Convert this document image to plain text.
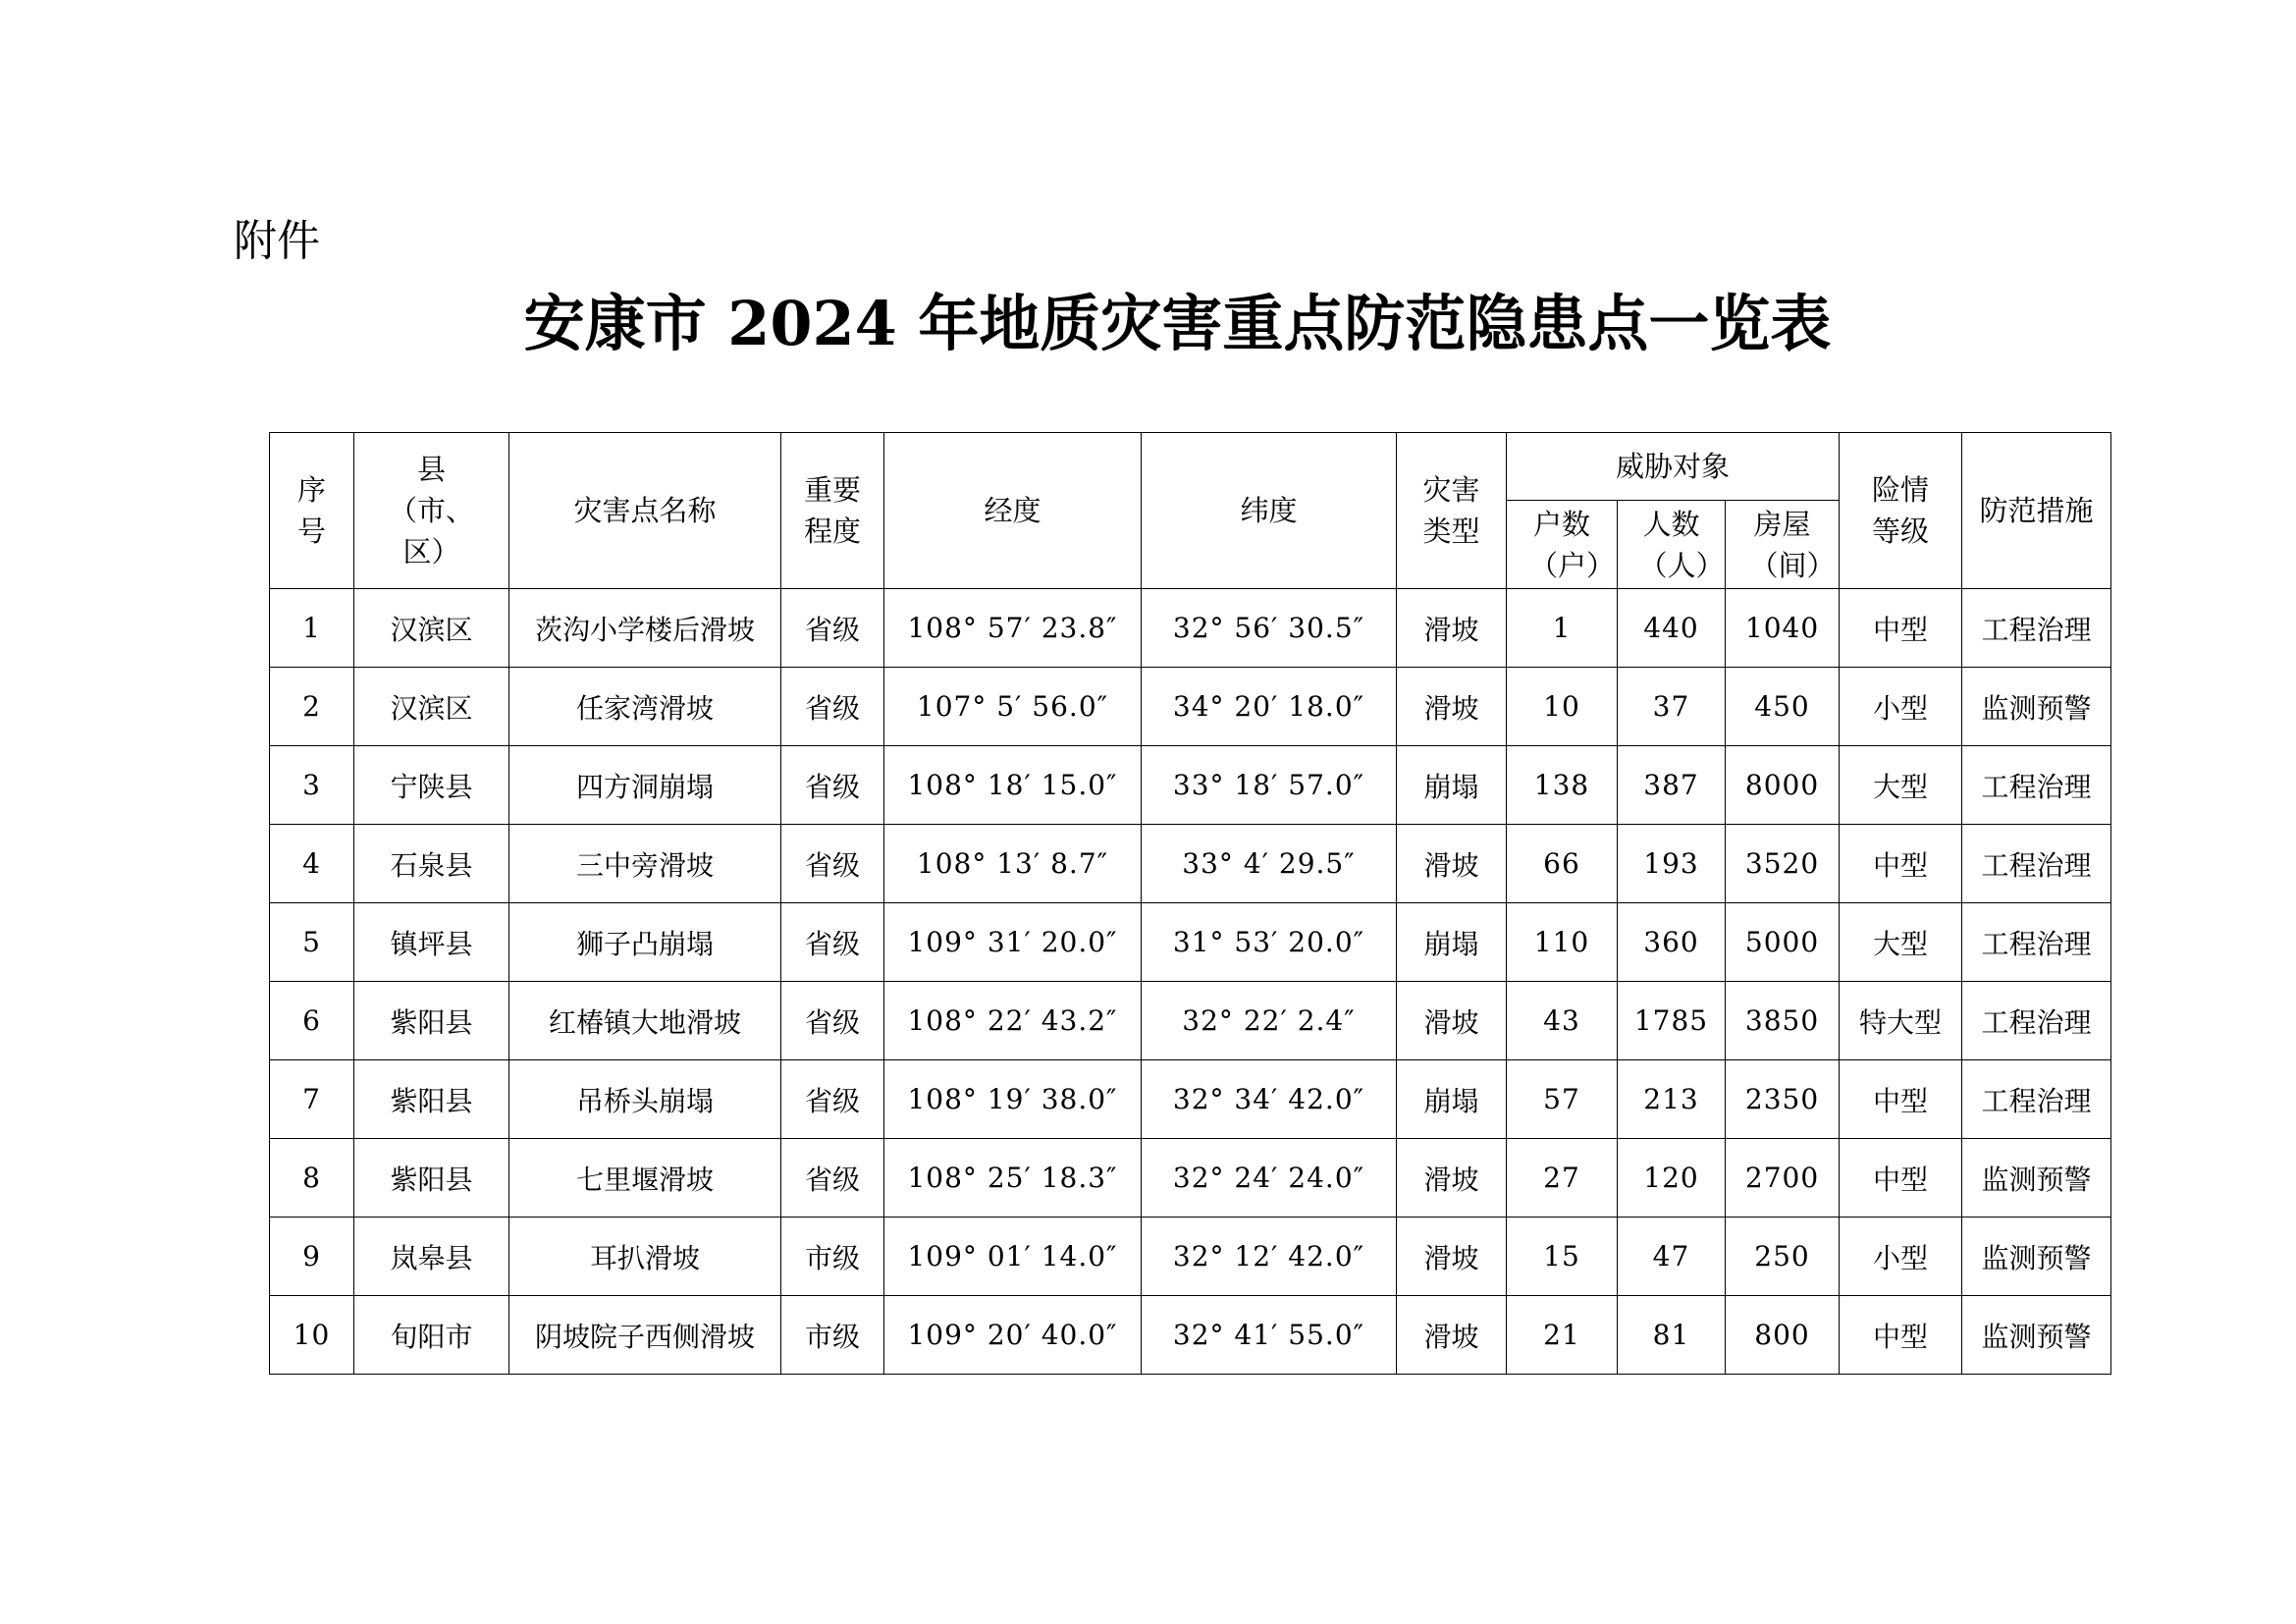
附件
安康市 2024 年地质灾害重点防范隐患点一览表
序号	县（市、区）	灾害点名称	重要程度	经度	纬度	灾害类型	威胁对象			险情等级	防范措施

							户数（户）	人数（人）	房屋（间）		

1	汉滨区	茨沟小学楼后滑坡	省级	108° 57′ 23.8″	32° 56′ 30.5″	滑坡	1	440	1040	中型	工程治理
2	汉滨区	任家湾滑坡	省级	107° 5′ 56.0″	34° 20′ 18.0″	滑坡	10	37	450	小型	监测预警
3	宁陕县	四方洞崩塌	省级	108° 18′ 15.0″	33° 18′ 57.0″	崩塌	138	387	8000	大型	工程治理
4	石泉县	三中旁滑坡	省级	108° 13′ 8.7″	33° 4′ 29.5″	滑坡	66	193	3520	中型	工程治理
5	镇坪县	狮子凸崩塌	省级	109° 31′ 20.0″	31° 53′ 20.0″	崩塌	110	360	5000	大型	工程治理
6	紫阳县	红椿镇大地滑坡	省级	108° 22′ 43.2″	32° 22′ 2.4″	滑坡	43	1785	3850	特大型	工程治理
7	紫阳县	吊桥头崩塌	省级	108° 19′ 38.0″	32° 34′ 42.0″	崩塌	57	213	2350	中型	工程治理
8	紫阳县	七里堰滑坡	省级	108° 25′ 18.3″	32° 24′ 24.0″	滑坡	27	120	2700	中型	监测预警
9	岚皋县	耳扒滑坡	市级	109° 01′ 14.0″	32° 12′ 42.0″	滑坡	15	47	250	小型	监测预警
10	旬阳市	阴坡院子西侧滑坡	市级	109° 20′ 40.0″	32° 41′ 55.0″	滑坡	21	81	800	中型	监测预警
